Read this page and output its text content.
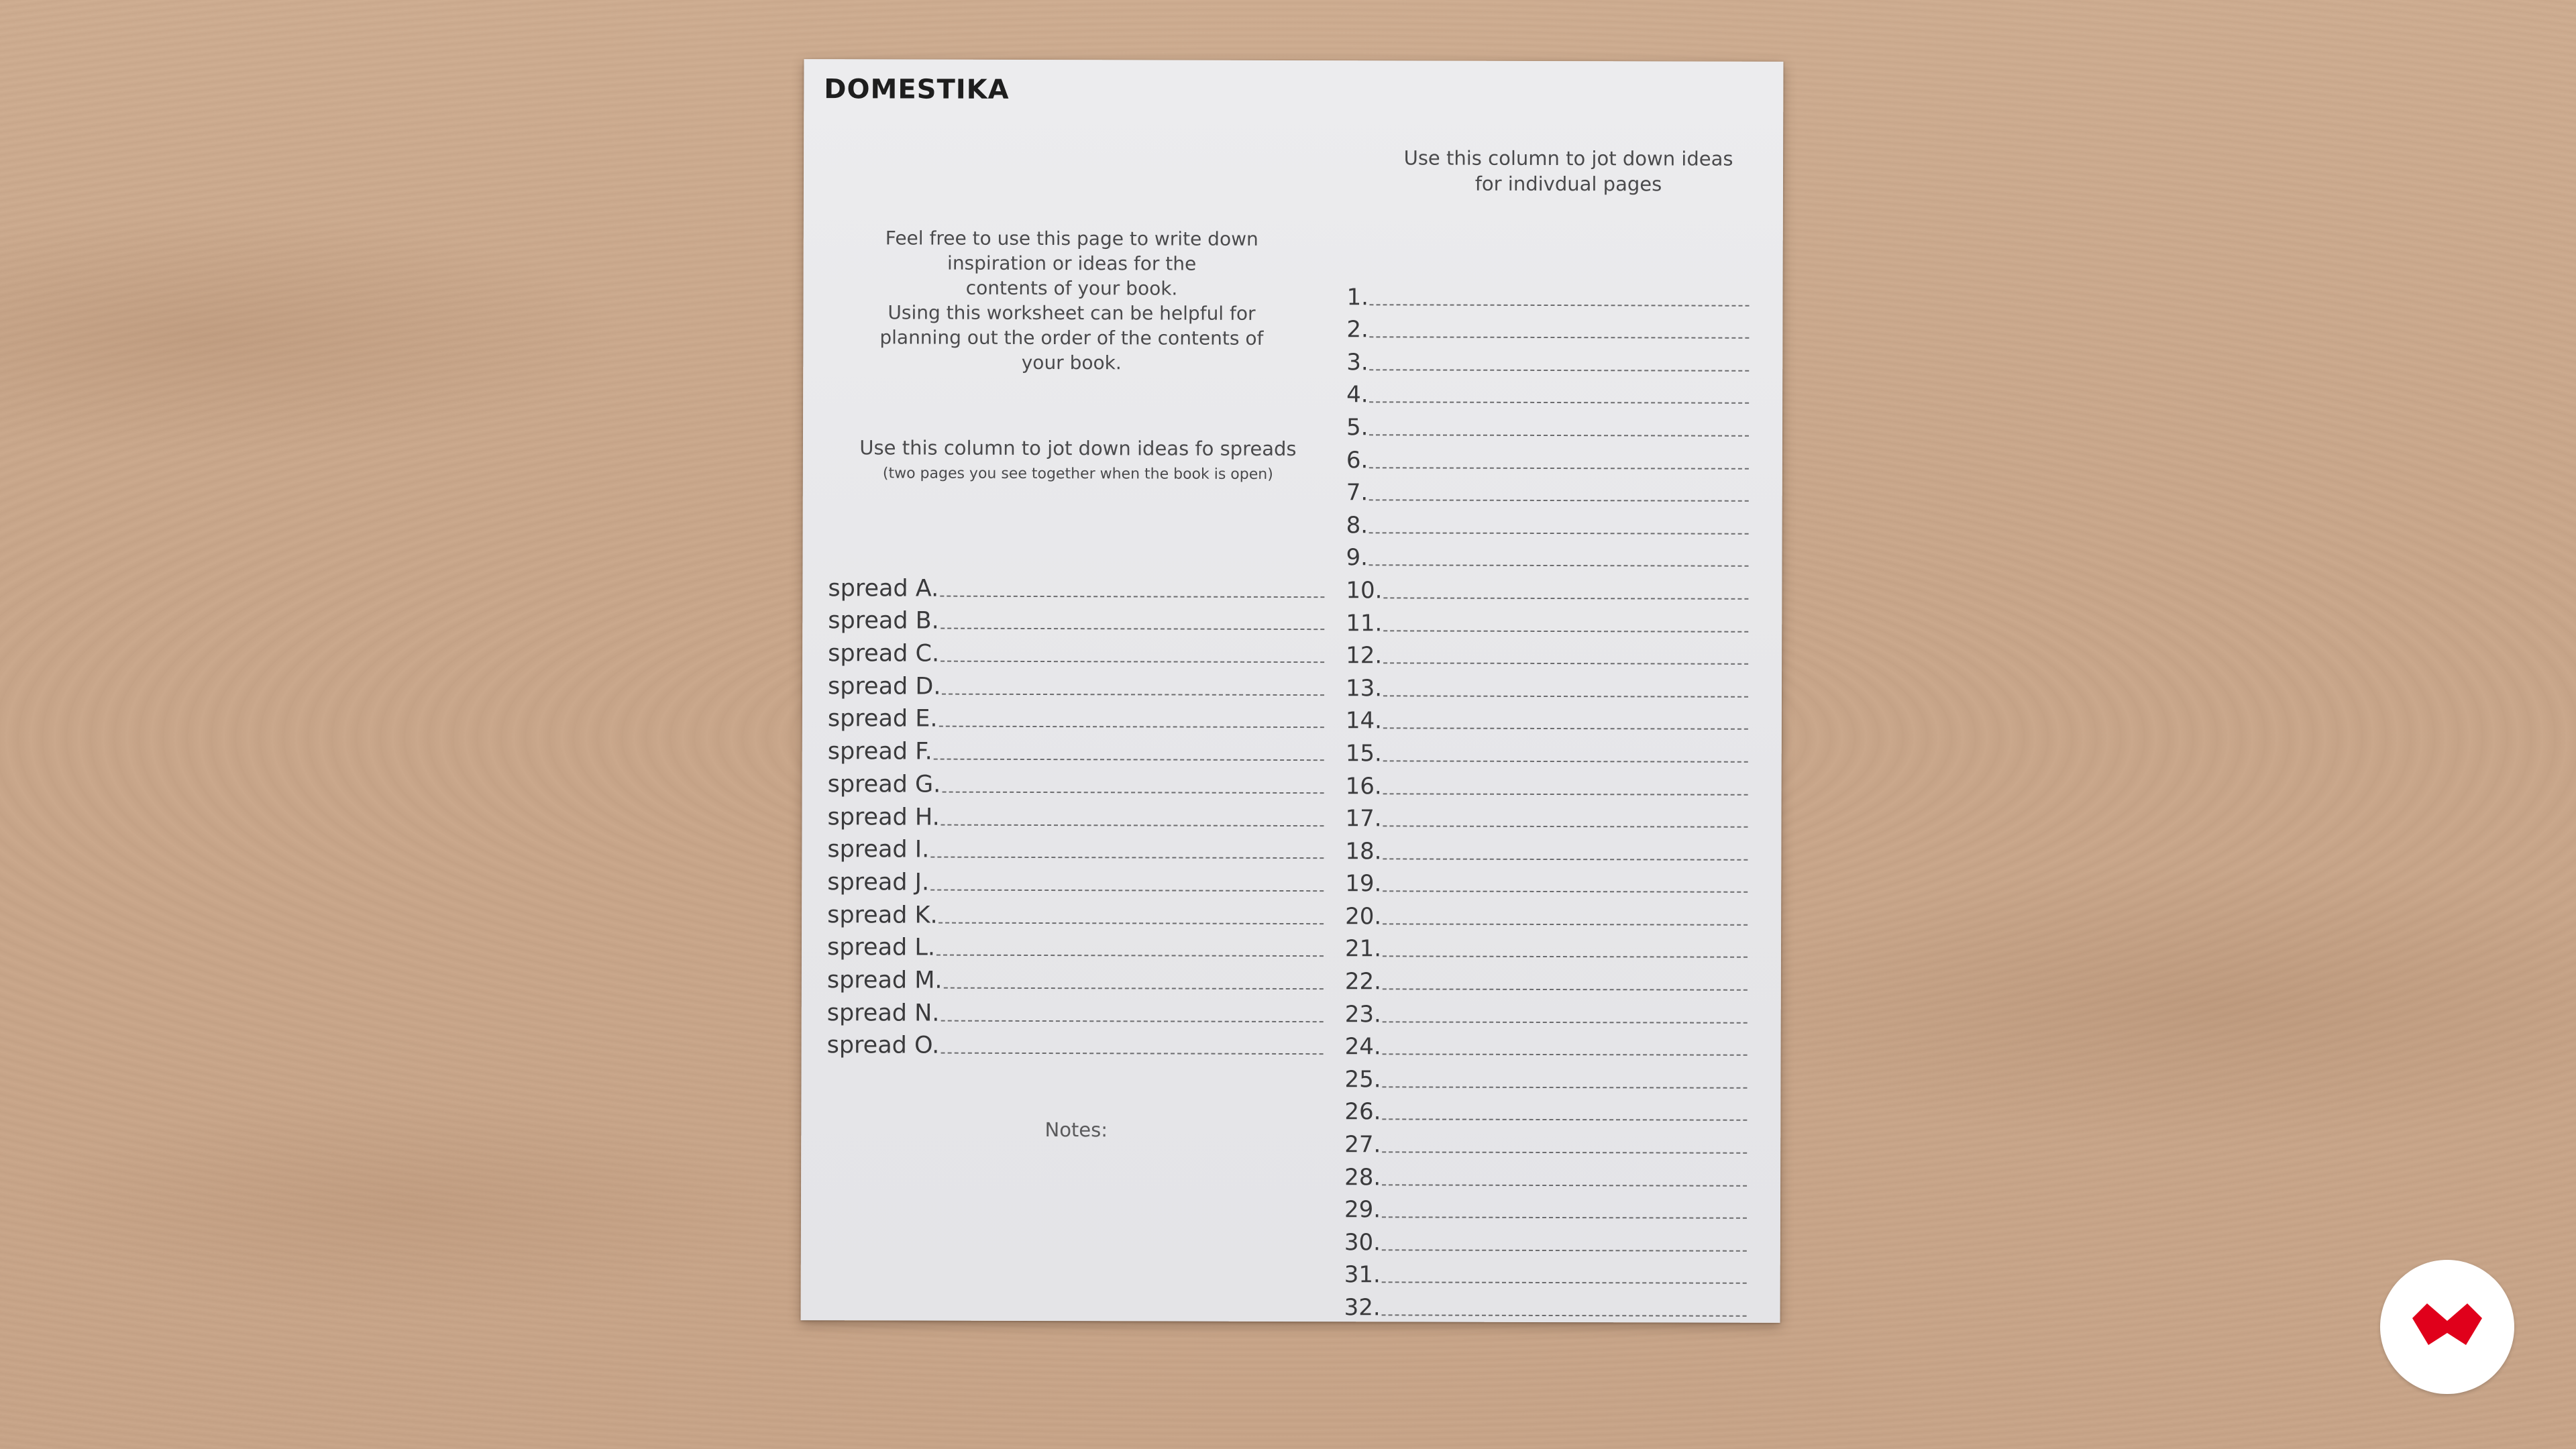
DOMESTIKA
Feel free to use this page to write down
inspiration or ideas for the
contents of your book.
Using this worksheet can be helpful for
planning out the order of the contents of
your book.
Use this column to jot down ideas fo spreads
(two pages you see together when the book is open)
spread A.
spread B.
spread C.
spread D.
spread E.
spread F.
spread G.
spread H.
spread I.
spread J.
spread K.
spread L.
spread M.
spread N.
spread O.
Notes:
Use this column to jot down ideas
for indivdual pages
1.
2.
3.
4.
5.
6.
7.
8.
9.
10.
11.
12.
13.
14.
15.
16.
17.
18.
19.
20.
21.
22.
23.
24.
25.
26.
27.
28.
29.
30.
31.
32.
